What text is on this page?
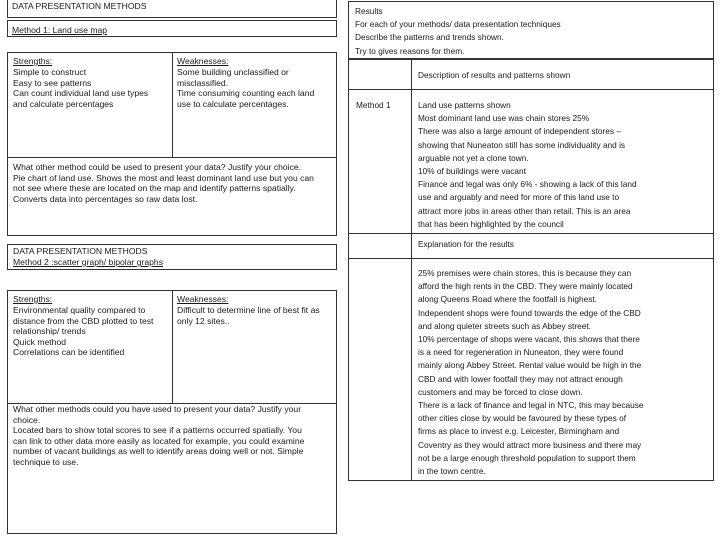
DATA PRESENTATION METHODS
Method 1: Land use map
Strengths:
Simple to construct
Easy to see patterns
Can count individual land use types
and calculate percentages
Weaknesses:
Some building unclassified or
misclassified.
Time consuming counting each land
use to calculate percentages.
What other method could be used to present your data? Justify your choice.
Pie chart of land use. Shows the most and least dominant land use but you can
not see where these are located on the map and identify patterns spatially.
Converts data into percentages so raw data lost.
DATA PRESENTATION METHODS
Method 2 :scatter graph/ bipolar graphs
Strengths:
Environmental quality compared to
distance from the CBD plotted to test
relationship/ trends
Quick method
Correlations can be identified
Weaknesses:
Difficult to determine line of best fit as
only 12 sites..
What other methods could you have used to present your data? Justify your
choice.
Located bars to show total scores to see if a patterns occurred spatially. You
can link to other data more easily as located for example, you could examine
number of vacant buildings as well to identify areas doing well or not. Simple
technique to use.
Results
For each of your methods/ data presentation techniques
Describe the patterns and trends shown.
Try to gives reasons for them.
Description of results and patterns shown
Method 1	Land use patterns shown
Most dominant land use was chain stores 25%
There was also a large amount of independent stores –
showing that Nuneaton still has some individuality and is
arguable not yet a clone town.
10% of buildings were vacant
Finance and legal was only 6% - showing a lack of this land
use and arguably and need for more of this land use to
attract more jobs in areas other than retail. This is an area
that has been highlighted by the council
Explanation for the results
25% premises were chain stores, this is because they can
afford the high rents in the CBD. They were mainly located
along Queens Road where the footfall is highest.
Independent shops were found towards the edge of the CBD
and along quieter streets such as Abbey street.
10% percentage of shops were vacant, this shows that there
is a need for regeneration in Nuneaton, they were found
mainly along Abbey Street. Rental value would be high in the
CBD and with lower footfall they may not attract enough
customers and may be forced to close down.
There is a lack of finance and legal in NTC, this may because
other cities close by would be favoured by these types of
firms as place to invest e.g. Leicester, Birmingham and
Coventry as they would attract more business and there may
not be a large enough threshold population to support them
in the town centre.
